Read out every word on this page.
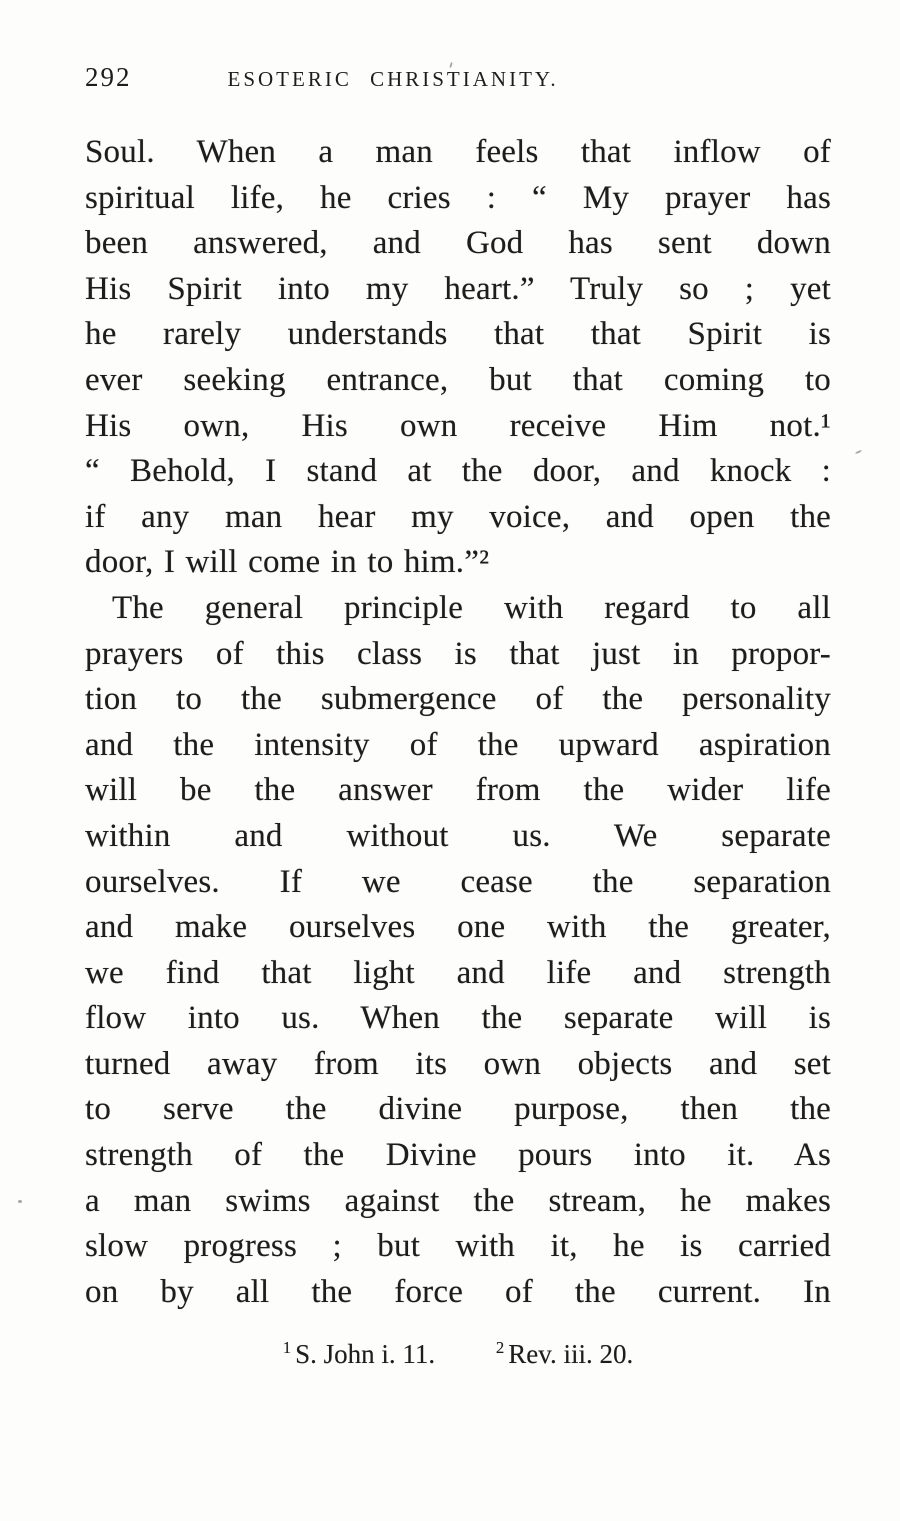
292	ESOTERIC CHRISTIANITY.
Soul. When a man feels that inflow of
spiritual life, he cries : “ My prayer has
been answered, and God has sent down
His Spirit into my heart.” Truly so ; yet
he rarely understands that that Spirit is
ever seeking entrance, but that coming to
His own, His own receive Him not.¹
“ Behold, I stand at the door, and knock :
if any man hear my voice, and open the
door, I will come in to him.”²
The general principle with regard to all
prayers of this class is that just in propor-
tion to the submergence of the personality
and the intensity of the upward aspiration
will be the answer from the wider life
within and without us. We separate
ourselves. If we cease the separation
and make ourselves one with the greater,
we find that light and life and strength
flow into us. When the separate will is
turned away from its own objects and set
to serve the divine purpose, then the
strength of the Divine pours into it. As
a man swims against the stream, he makes
slow progress ; but with it, he is carried
on by all the force of the current. In
$^1$ S. John i. 11.	$^2$ Rev. iii. 20.
